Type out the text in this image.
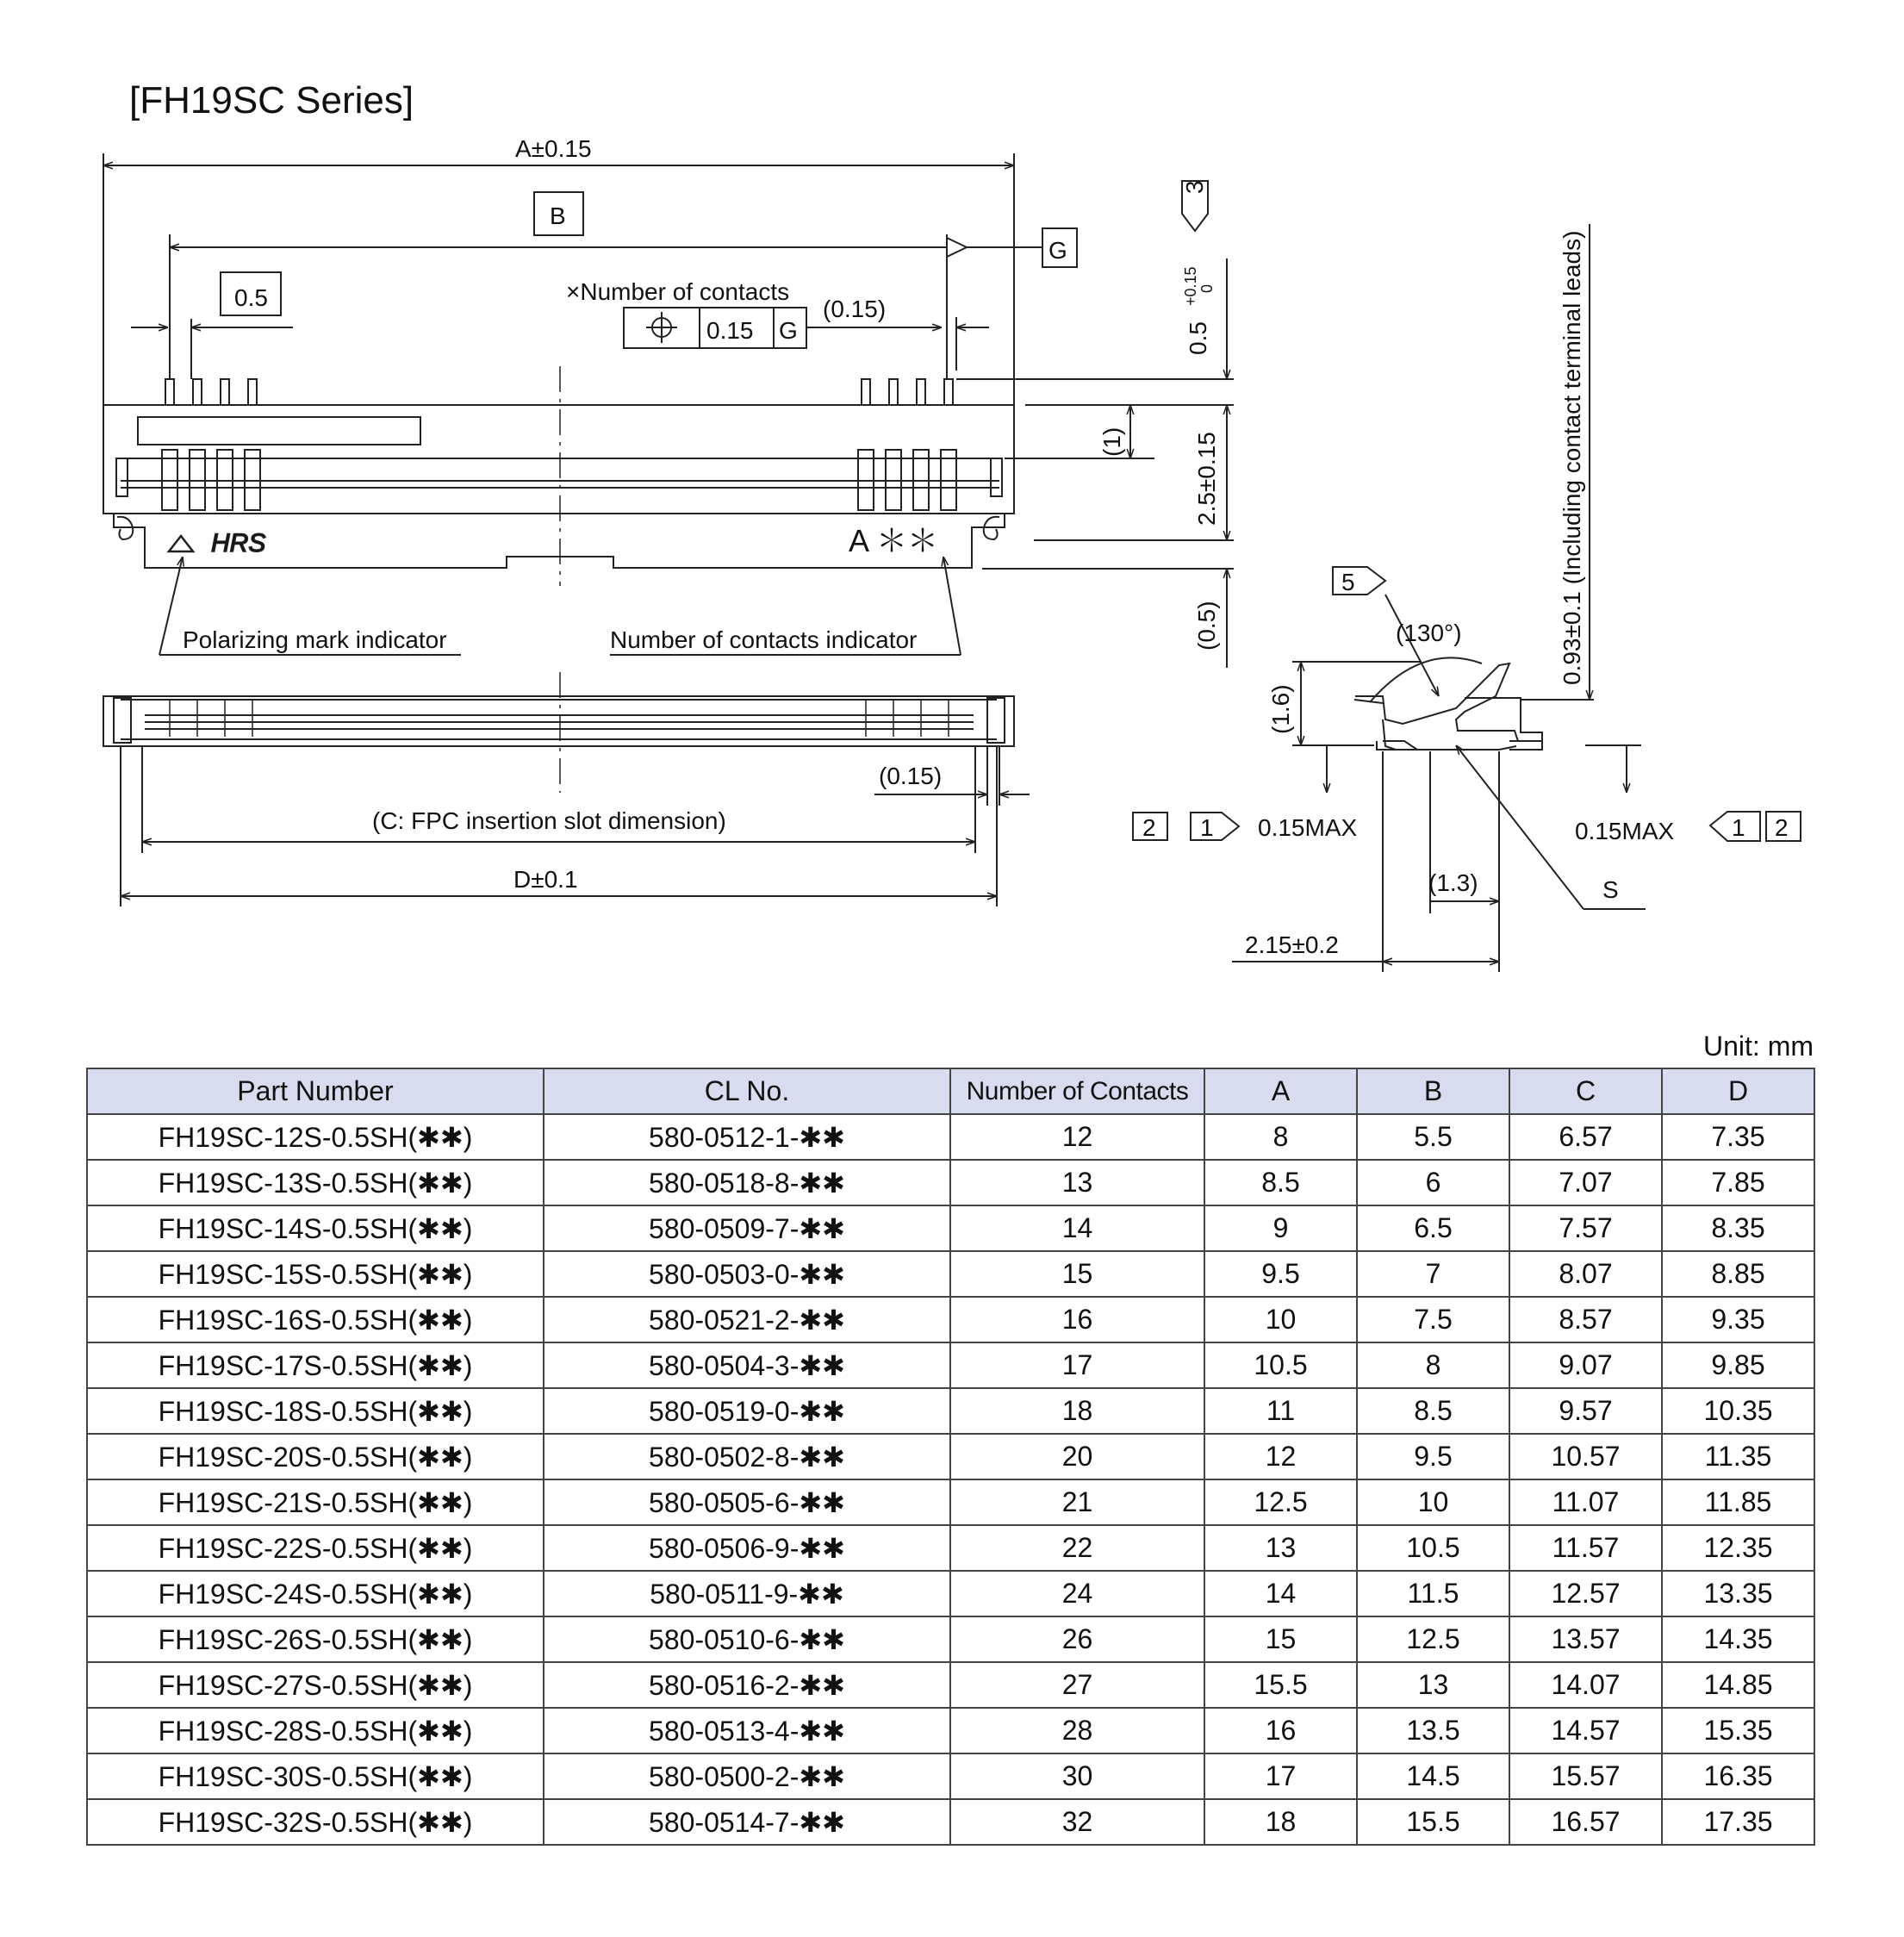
[FH19SC Series]
A±0.15
B
G
0.5	×Number of contacts
0.15 G
(0.15)
Polarizing mark indicator	Number of contacts indicator
(0.15)
(C: FPC insertion slot dimension)
D±0.1
(130°)
5
2 1 0.15MAX	0.15MAX 1 2
(1.3)
2.15±0.2
S
A ＊＊
HRS
3
0.5
+0.15 0
(1)	2.5±0.15
(0.5)
(1.6)
0.93±0.1 (Including contact terminal leads)
Unit: mm
Part Number	CL No.	Number of Contacts	A	B	C	D
FH19SC-12S-0.5SH(✱✱)	580-0512-1-✱✱	12	8	5.5	6.57	7.35
FH19SC-13S-0.5SH(✱✱)	580-0518-8-✱✱	13	8.5	6	7.07	7.85
FH19SC-14S-0.5SH(✱✱)	580-0509-7-✱✱	14	9	6.5	7.57	8.35
FH19SC-15S-0.5SH(✱✱)	580-0503-0-✱✱	15	9.5	7	8.07	8.85
FH19SC-16S-0.5SH(✱✱)	580-0521-2-✱✱	16	10	7.5	8.57	9.35
FH19SC-17S-0.5SH(✱✱)	580-0504-3-✱✱	17	10.5	8	9.07	9.85
FH19SC-18S-0.5SH(✱✱)	580-0519-0-✱✱	18	11	8.5	9.57	10.35
FH19SC-20S-0.5SH(✱✱)	580-0502-8-✱✱	20	12	9.5	10.57	11.35
FH19SC-21S-0.5SH(✱✱)	580-0505-6-✱✱	21	12.5	10	11.07	11.85
FH19SC-22S-0.5SH(✱✱)	580-0506-9-✱✱	22	13	10.5	11.57	12.35
FH19SC-24S-0.5SH(✱✱)	580-0511-9-✱✱	24	14	11.5	12.57	13.35
FH19SC-26S-0.5SH(✱✱)	580-0510-6-✱✱	26	15	12.5	13.57	14.35
FH19SC-27S-0.5SH(✱✱)	580-0516-2-✱✱	27	15.5	13	14.07	14.85
FH19SC-28S-0.5SH(✱✱)	580-0513-4-✱✱	28	16	13.5	14.57	15.35
FH19SC-30S-0.5SH(✱✱)	580-0500-2-✱✱	30	17	14.5	15.57	16.35
FH19SC-32S-0.5SH(✱✱)	580-0514-7-✱✱	32	18	15.5	16.57	17.35
